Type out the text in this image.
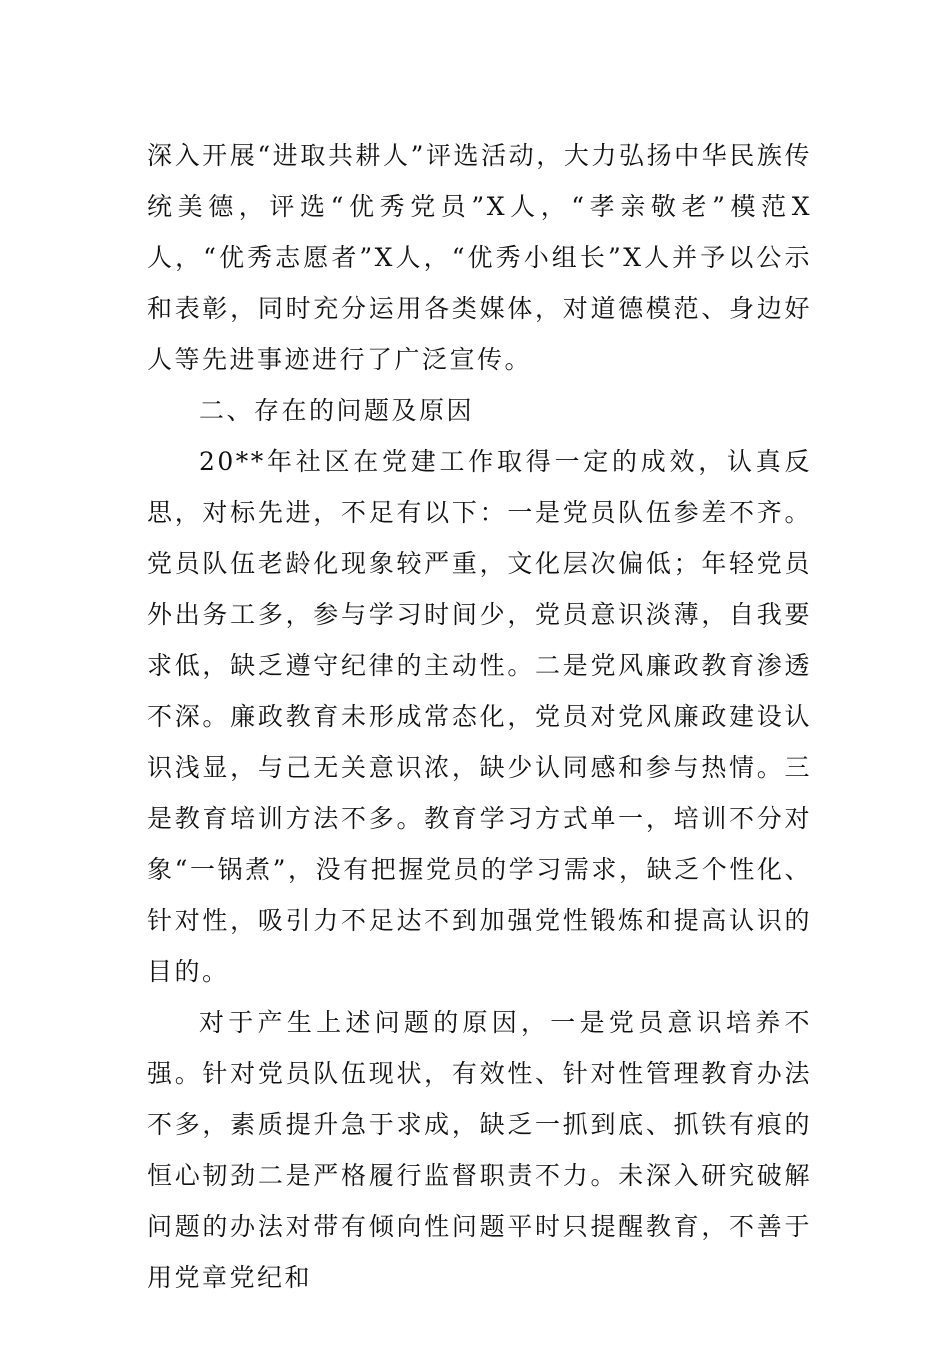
深入开展“进取共耕人”评选活动，大力弘扬中华民族传统美德，评选“优秀党员”X人，“孝亲敬老”模范X人，“优秀志愿者”X人，“优秀小组长”X人并予以公示和表彰，同时充分运用各类媒体，对道德模范、身边好人等先进事迹进行了广泛宣传。

二、存在的问题及原因

20**年社区在党建工作取得一定的成效，认真反思，对标先进，不足有以下：一是党员队伍参差不齐。党员队伍老龄化现象较严重，文化层次偏低；年轻党员外出务工多，参与学习时间少，党员意识淡薄，自我要求低，缺乏遵守纪律的主动性。二是党风廉政教育渗透不深。廉政教育未形成常态化，党员对党风廉政建设认识浅显，与己无关意识浓，缺少认同感和参与热情。三是教育培训方法不多。教育学习方式单一，培训不分对象“一锅煮”，没有把握党员的学习需求，缺乏个性化、针对性，吸引力不足达不到加强党性锻炼和提高认识的目的。

对于产生上述问题的原因，一是党员意识培养不强。针对党员队伍现状，有效性、针对性管理教育办法不多，素质提升急于求成，缺乏一抓到底、抓铁有痕的恒心韧劲二是严格履行监督职责不力。未深入研究破解问题的办法对带有倾向性问题平时只提醒教育，不善于用党章党纪和
